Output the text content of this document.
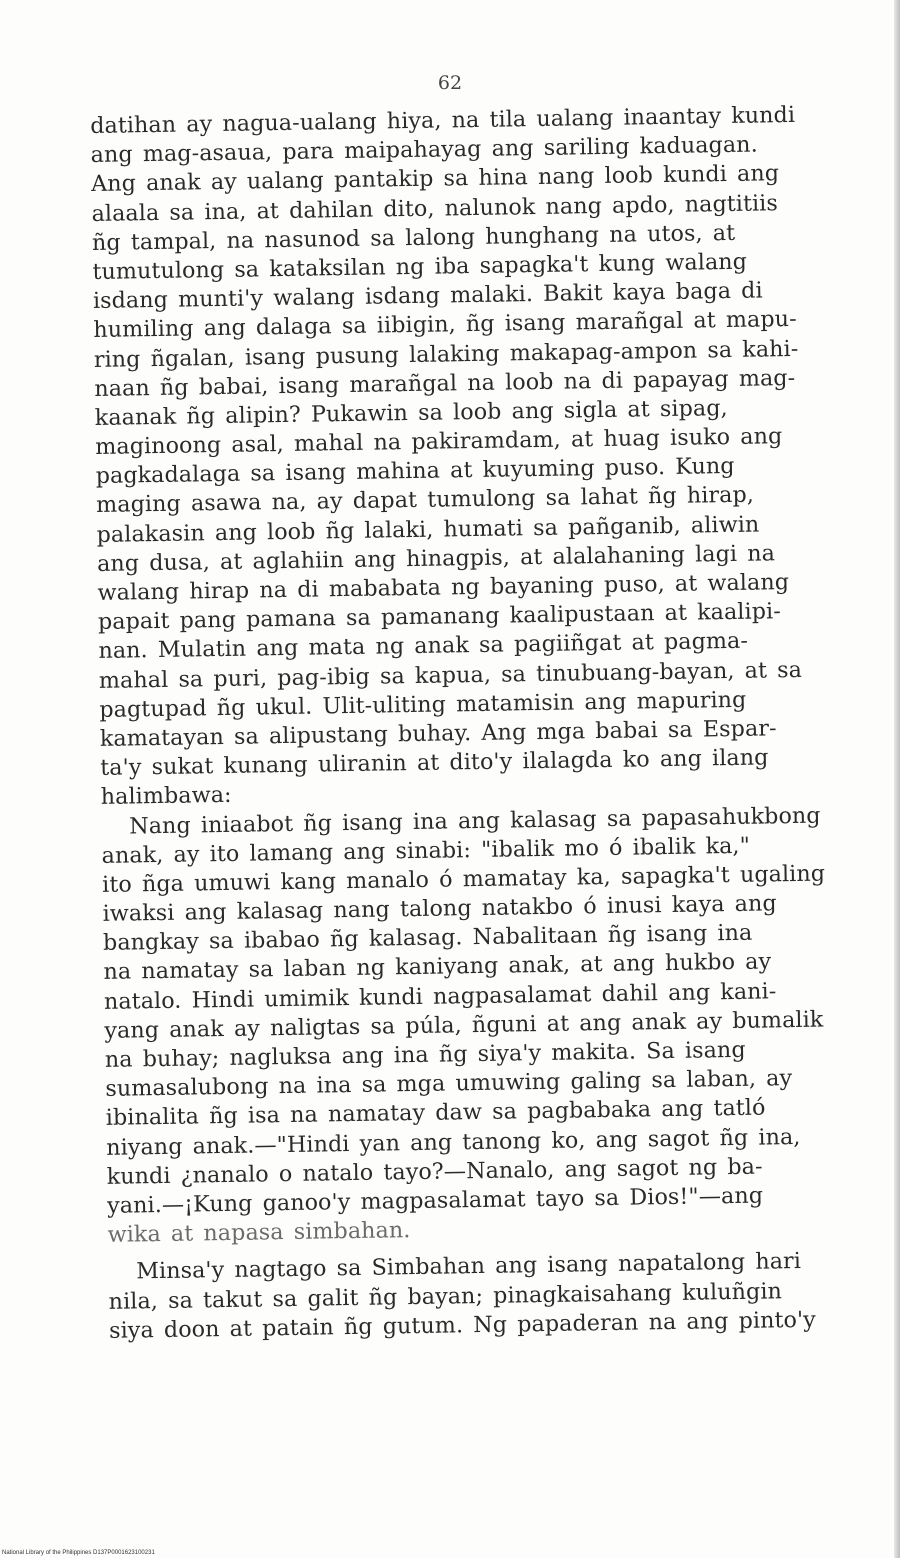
62
datihan ay nagua-ualang hiya, na tila ualang inaantay kundi
ang mag-asaua, para maipahayag ang sariling kaduagan.
Ang anak ay ualang pantakip sa hina nang loob kundi ang
alaala sa ina, at dahilan dito, nalunok nang apdo, nagtitiis
ñg tampal, na nasunod sa lalong hunghang na utos, at
tumutulong sa kataksilan ng iba sapagka't kung walang
isdang munti'y walang isdang malaki. Bakit kaya baga di
humiling ang dalaga sa iibigin, ñg isang marañgal at mapu-
ring ñgalan, isang pusung lalaking makapag-ampon sa kahi-
naan ñg babai, isang marañgal na loob na di papayag mag-
kaanak ñg alipin? Pukawin sa loob ang sigla at sipag,
maginoong asal, mahal na pakiramdam, at huag isuko ang
pagkadalaga sa isang mahina at kuyuming puso. Kung
maging asawa na, ay dapat tumulong sa lahat ñg hirap,
palakasin ang loob ñg lalaki, humati sa pañganib, aliwin
ang dusa, at aglahiin ang hinagpis, at alalahaning lagi na
walang hirap na di mababata ng bayaning puso, at walang
papait pang pamana sa pamanang kaalipustaan at kaalipi-
nan. Mulatin ang mata ng anak sa pagiiñgat at pagma-
mahal sa puri, pag-ibig sa kapua, sa tinubuang-bayan, at sa
pagtupad ñg ukul. Ulit-uliting matamisin ang mapuring
kamatayan sa alipustang buhay. Ang mga babai sa Espar-
ta'y sukat kunang uliranin at dito'y ilalagda ko ang ilang
halimbawa:
Nang iniaabot ñg isang ina ang kalasag sa papasahukbong
anak, ay ito lamang ang sinabi: "ibalik mo ó ibalik ka,"
ito ñga umuwi kang manalo ó mamatay ka, sapagka't ugaling
iwaksi ang kalasag nang talong natakbo ó inusi kaya ang
bangkay sa ibabao ñg kalasag. Nabalitaan ñg isang ina
na namatay sa laban ng kaniyang anak, at ang hukbo ay
natalo. Hindi umimik kundi nagpasalamat dahil ang kani-
yang anak ay naligtas sa púla, ñguni at ang anak ay bumalik
na buhay; nagluksa ang ina ñg siya'y makita. Sa isang
sumasalubong na ina sa mga umuwing galing sa laban, ay
ibinalita ñg isa na namatay daw sa pagbabaka ang tatló
niyang anak.—"Hindi yan ang tanong ko, ang sagot ñg ina,
kundi ¿nanalo o natalo tayo?—Nanalo, ang sagot ng ba-
yani.—¡Kung ganoo'y magpasalamat tayo sa Dios!"—ang
wika at napasa simbahan.
Minsa'y nagtago sa Simbahan ang isang napatalong hari
nila, sa takut sa galit ñg bayan; pinagkaisahang kuluñgin
siya doon at patain ñg gutum. Ng papaderan na ang pinto'y
National Library of the Philippines D137P0001623100231
